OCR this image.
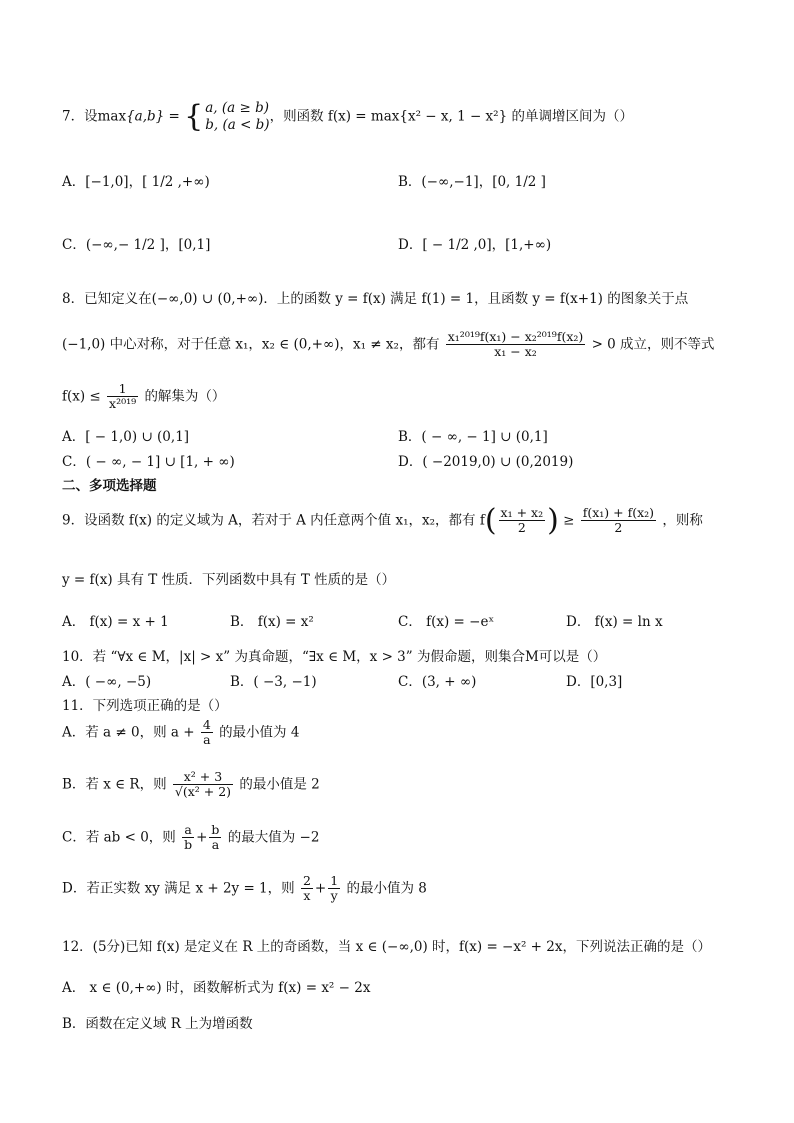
7．设max{a,b} = { a, (a ≥ b)
b, (a < b)
，则函数 f(x) = max{x² − x, 1 − x²} 的单调增区间为（）
A．[−1,0]，[ 1/2 ,+∞)	B．(−∞,−1]，[0, 1/2 ]
C．(−∞,− 1/2 ]，[0,1]	D．[ − 1/2 ,0]，[1,+∞)
8．已知定义在(−∞,0) ∪ (0,+∞)．上的函数 y = f(x) 满足 f(1) = 1，且函数 y = f(x+1) 的图象关于点
(−1,0) 中心对称，对于任意 x₁，x₂ ∈ (0,+∞)，x₁ ≠ x₂，都有 $\frac{\text{x₁²⁰¹⁹f(x₁) − x₂²⁰¹⁹f(x₂)}}{\text{x₁ − x₂}} > 0$ 成立，则不等式
$f(x) \le \frac{1}{\text{x²⁰¹⁹}}$ 的解集为（）
A．[ − 1,0) ∪ (0,1]	B．( − ∞, − 1] ∪ (0,1]
C．( − ∞, − 1] ∪ [1, + ∞)	D．( −2019,0) ∪ (0,2019)
二、多项选择题
9．设函数 f(x) 的定义域为 A，若对于 A 内任意两个值 x₁，x₂，都有 $f( \frac{\text{x₁ + x₂}}{2}$ ) ≥ $\frac{\text{f(x₁) + f(x₂)}}{2}$ ，则称
y = f(x) 具有 T 性质．下列函数中具有 T 性质的是（）
A． f(x) = x + 1	B． f(x) = x²	C． f(x) = −eˣ	D． f(x) = ln x
10．若 “∀x ∈ M，|x| > x” 为真命题，“∃x ∈ M，x > 3” 为假命题，则集合M可以是（）
A．( −∞, −5)	B．( −3, −1)	C．(3, + ∞)	D．[0,3]
11．下列选项正确的是（）
A．若 a ≠ 0，则 $a + \frac{4}{a}$ 的最小值为 4
B．若 x ∈ R，则 $\frac{\text{x² + 3}}{\text{√(x² + 2)}}$ 的最小值是 2
C．若 ab < 0，则 $\frac{a}{b} + \frac{b}{a}$ 的最大值为 −2
D．若正实数 xy 满足 x + 2y = 1，则 $\frac{2}{x} + \frac{1}{y}$ 的最小值为 8
12．(5分)已知 f(x) 是定义在 R 上的奇函数，当 x ∈ (−∞,0) 时，f(x) = −x² + 2x，下列说法正确的是（）
A． x ∈ (0,+∞) 时，函数解析式为 f(x) = x² − 2x
B．函数在定义域 R 上为增函数
